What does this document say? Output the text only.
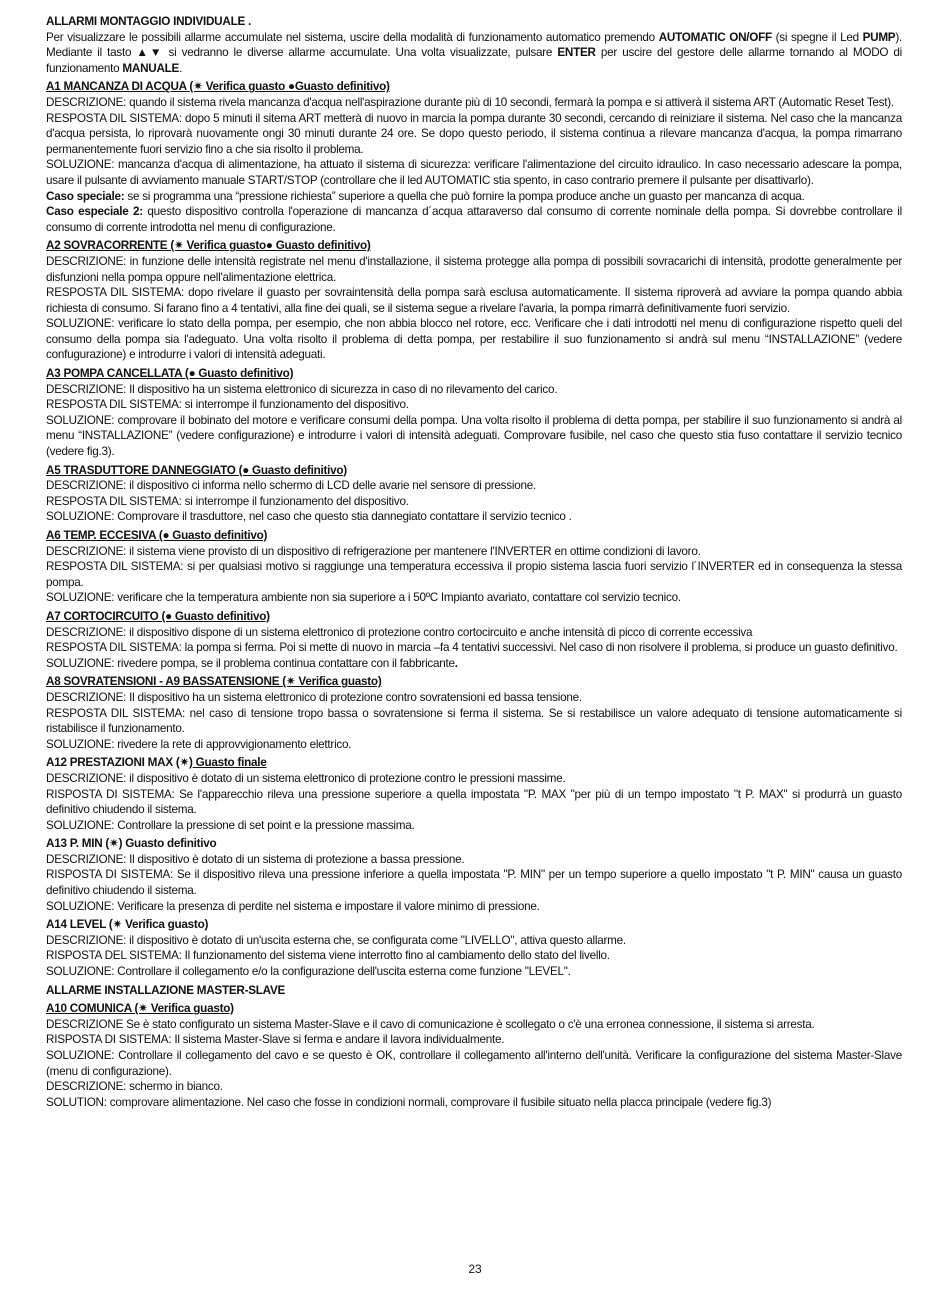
ALLARMI MONTAGGIO INDIVIDUALE .

Per visualizzare le possibili allarme accumulate nel sistema, uscire della modalità di funzionamento automatico premendo AUTOMATIC ON/OFF (si spegne il Led PUMP). Mediante il tasto ▲▼ si vedranno le diverse allarme accumulate. Una volta visualizzate, pulsare ENTER per uscire del gestore delle allarme tornando al MODO di funzionamento MANUALE.

A1 MANCANZA DI ACQUA (✷ Verifica guasto ●Guasto definitivo)

DESCRIZIONE: quando il sistema rivela mancanza d'acqua nell'aspirazione durante più di 10 secondi, fermarà la pompa e si attiverà il sistema ART (Automatic Reset Test).

RESPOSTA DIL SISTEMA: dopo 5 minuti il sitema ART metterà di nuovo in marcia la pompa durante 30 secondi, cercando di reiniziare il sistema. Nel caso che la mancanza d'acqua persista, lo riprovarà nuovamente ongi 30 minuti durante 24 ore. Se dopo questo periodo, il sistema continua a rilevare mancanza d'acqua, la pompa rimarrano permanentemente fuori servizio fino a che sia risolto il problema.

SOLUZIONE: mancanza d'acqua di alimentazione, ha attuato il sistema di sicurezza: verificare l'alimentazione del circuito idraulico. In caso necessario adescare la pompa, usare il pulsante di avviamento manuale START/STOP (controllare che il led AUTOMATIC stia spento, in caso contrario premere il pulsante per disattivarlo).

Caso speciale: se si programma una “pressione richiesta” superiore a quella che può fornire la pompa produce anche un guasto per mancanza di acqua.

Caso especiale 2: questo dispositivo controlla l'operazione di mancanza d´acqua attaraverso dal consumo di corrente nominale della pompa. Si dovrebbe controllare il consumo di corrente introdotta nel menu di configurazione.

A2 SOVRACORRENTE (✷ Verifica guasto● Guasto definitivo)

DESCRIZIONE: in funzione delle intensità registrate nel menu d'installazione, il sistema protegge alla pompa di possibili sovracarichi di intensità, prodotte generalmente per disfunzioni nella pompa oppure nell'alimentazione elettrica.

RESPOSTA DIL SISTEMA: dopo rivelare il guasto per sovraintensità della pompa sarà esclusa automaticamente. Il sistema riproverà ad avviare la pompa quando abbia richiesta di consumo. Si farano fino a 4 tentativi, alla fine dei quali, se il sistema segue a rivelare l'avaria, la pompa rimarrà definitivamente fuori servizio.

SOLUZIONE: verificare lo stato della pompa, per esempio, che non abbia blocco nel rotore, ecc. Verificare che i dati introdotti nel menu di configurazione rispetto queli del consumo della pompa sia l'adeguato. Una volta risolto il problema di detta pompa, per restabilire il suo funzionamento si andrà sul menu “INSTALLAZIONE” (vedere confugurazione) e introdurre i valori di intensità adeguati.

A3 POMPA CANCELLATA (● Guasto definitivo)

DESCRIZIONE: Il dispositivo ha un sistema elettronico di sicurezza in caso di no rilevamento del carico.

RESPOSTA DIL SISTEMA: si interrompe il funzionamento del dispositivo.

SOLUZIONE: comprovare il bobinato del motore e verificare consumi della pompa. Una volta risolto il problema di detta pompa, per stabilire il suo funzionamento si andrà al menu “INSTALLAZIONE” (vedere configurazione) e introdurre i valori di intensità adeguati. Comprovare fusibile, nel caso che questo stia fuso contattare il servizio tecnico (vedere fig.3).

A5 TRASDUTTORE DANNEGGIATO (● Guasto definitivo)

DESCRIZIONE: il dispositivo ci informa nello schermo di LCD delle avarie nel sensore di pressione.

RESPOSTA DIL SISTEMA: si interrompe il funzionamento del dispositivo.

SOLUZIONE: Comprovare il trasduttore, nel caso che questo stia dannegiato contattare il servizio tecnico .

A6 TEMP. ECCESIVA (● Guasto definitivo)

DESCRIZIONE: il sistema viene provisto di un dispositivo di refrigerazione per mantenere l'INVERTER en ottime condizioni di lavoro.

RESPOSTA DIL SISTEMA: si per qualsiasi motivo si raggiunge una temperatura eccessiva il propio sistema lascia fuori servizio l´INVERTER ed in consequenza la stessa pompa.

SOLUZIONE: verificare che la temperatura ambiente non sia superiore a i 50ºC Impianto avariato, contattare col servizio tecnico.

A7 CORTOCIRCUITO (● Guasto definitivo)

DESCRIZIONE: il dispositivo dispone di un sistema elettronico di protezione contro cortocircuito e anche intensità di picco di corrente eccessiva

RESPOSTA DIL SISTEMA: la pompa si ferma. Poi si mette di nuovo in marcia –fa 4 tentativi successivi. Nel caso di non risolvere il problema, si produce un guasto definitivo.

SOLUZIONE: rivedere pompa, se il problema continua contattare con il fabbricante.

A8 SOVRATENSIONI - A9 BASSATENSIONE (✷ Verifica guasto)

DESCRIZIONE: Il dispositivo ha un sistema elettronico di protezione contro sovratensioni ed bassa tensione.

RESPOSTA DIL SISTEMA: nel caso di tensione tropo bassa o sovratensione si ferma il sistema. Se si restabilisce un valore adequato di tensione automaticamente si ristabilisce il funzionamento.

SOLUZIONE: rivedere la rete di approvvigionamento elettrico.

A12 PRESTAZIONI MAX (✷) Guasto finale

DESCRIZIONE: il dispositivo è dotato di un sistema elettronico di protezione contro le pressioni massime.

RISPOSTA DI SISTEMA: Se l'apparecchio rileva una pressione superiore a quella impostata "P. MAX "per più di un tempo impostato "t P. MAX" si produrrà un guasto definitivo chiudendo il sistema.

SOLUZIONE: Controllare la pressione di set point e la pressione massima.

A13 P. MIN (✷) Guasto definitivo

DESCRIZIONE: Il dispositivo è dotato di un sistema di protezione a bassa pressione.

RISPOSTA DI SISTEMA: Se il dispositivo rileva una pressione inferiore a quella impostata "P. MIN" per un tempo superiore a quello impostato "t P. MIN" causa un guasto definitivo chiudendo il sistema.

SOLUZIONE: Verificare la presenza di perdite nel sistema e impostare il valore minimo di pressione.

A14 LEVEL (✷ Verifica guasto)

DESCRIZIONE: il dispositivo è dotato di un'uscita esterna che, se configurata come "LIVELLO", attiva questo allarme.

RISPOSTA DEL SISTEMA: Il funzionamento del sistema viene interrotto fino al cambiamento dello stato del livello.

SOLUZIONE: Controllare il collegamento e/o la configurazione dell'uscita esterna come funzione "LEVEL".

ALLARME INSTALLAZIONE MASTER-SLAVE

A10 COMUNICA (✷ Verifica guasto)

DESCRIZIONE Se è stato configurato un sistema Master-Slave e il cavo di comunicazione è scollegato o c'è una erronea connessione, il sistema si arresta.

RISPOSTA DI SISTEMA: Il sistema Master-Slave si ferma e andare il lavora individualmente.

SOLUZIONE: Controllare il collegamento del cavo e se questo è OK, controllare il collegamento all'interno dell'unità. Verificare la configurazione del sistema Master-Slave (menu di configurazione).

DESCRIZIONE: schermo in bianco.

SOLUTION: comprovare alimentazione. Nel caso che fosse in condizioni normali, comprovare il fusibile situato nella placca principale (vedere fig.3)

23
